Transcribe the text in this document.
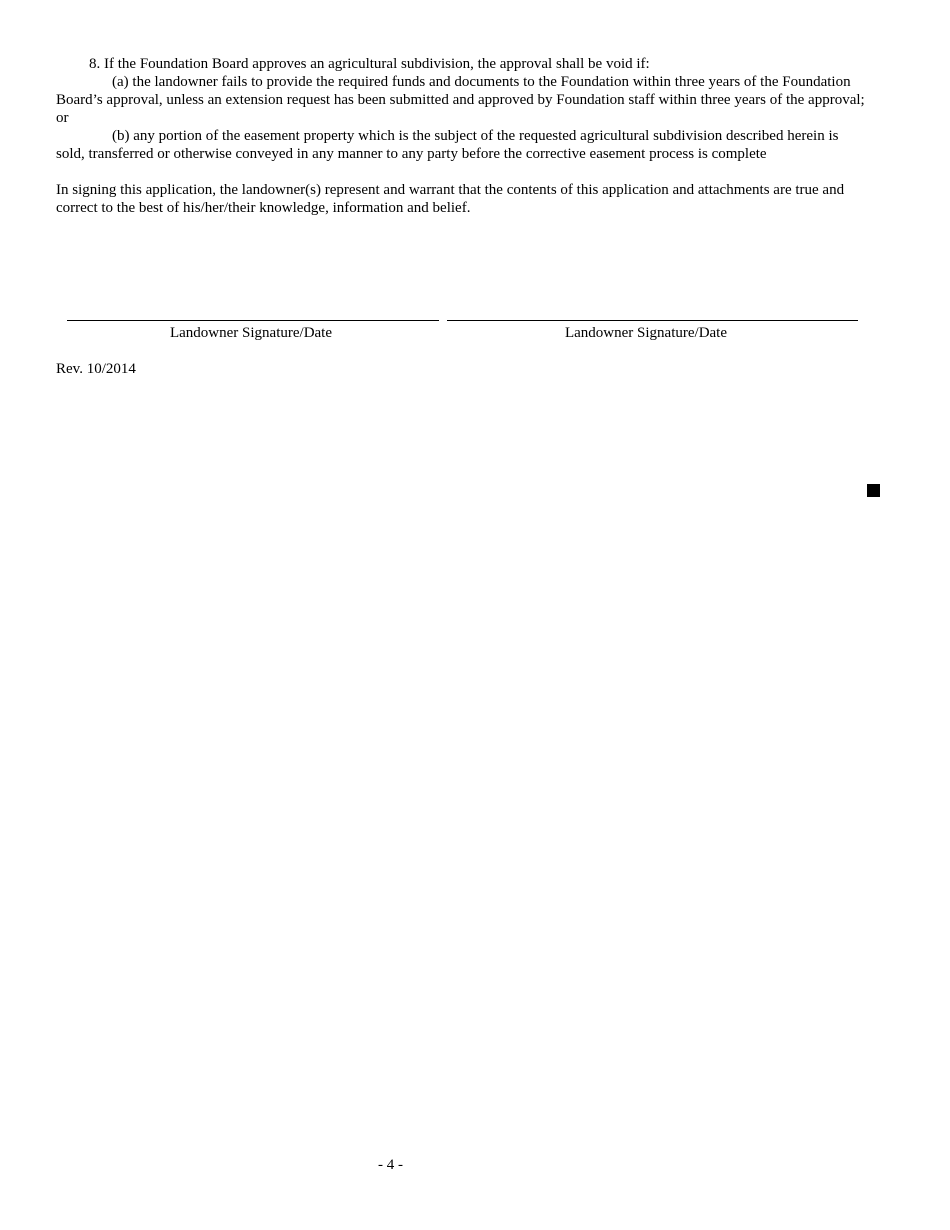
8. If the Foundation Board approves an agricultural subdivision, the approval shall be void if:

(a) the landowner fails to provide the required funds and documents to the Foundation within three years of the Foundation

Board’s approval, unless an extension request has been submitted and approved by Foundation staff within three years of the approval;

or

(b) any portion of the easement property which is the subject of the requested agricultural subdivision described herein is

sold, transferred or otherwise conveyed in any manner to any party before the corrective easement process is complete

In signing this application, the landowner(s) represent and warrant that the contents of this application and attachments are true and

correct to the best of his/her/their knowledge, information and belief.

Landowner Signature/Date	Landowner Signature/Date

Rev. 10/2014

- 4 -
